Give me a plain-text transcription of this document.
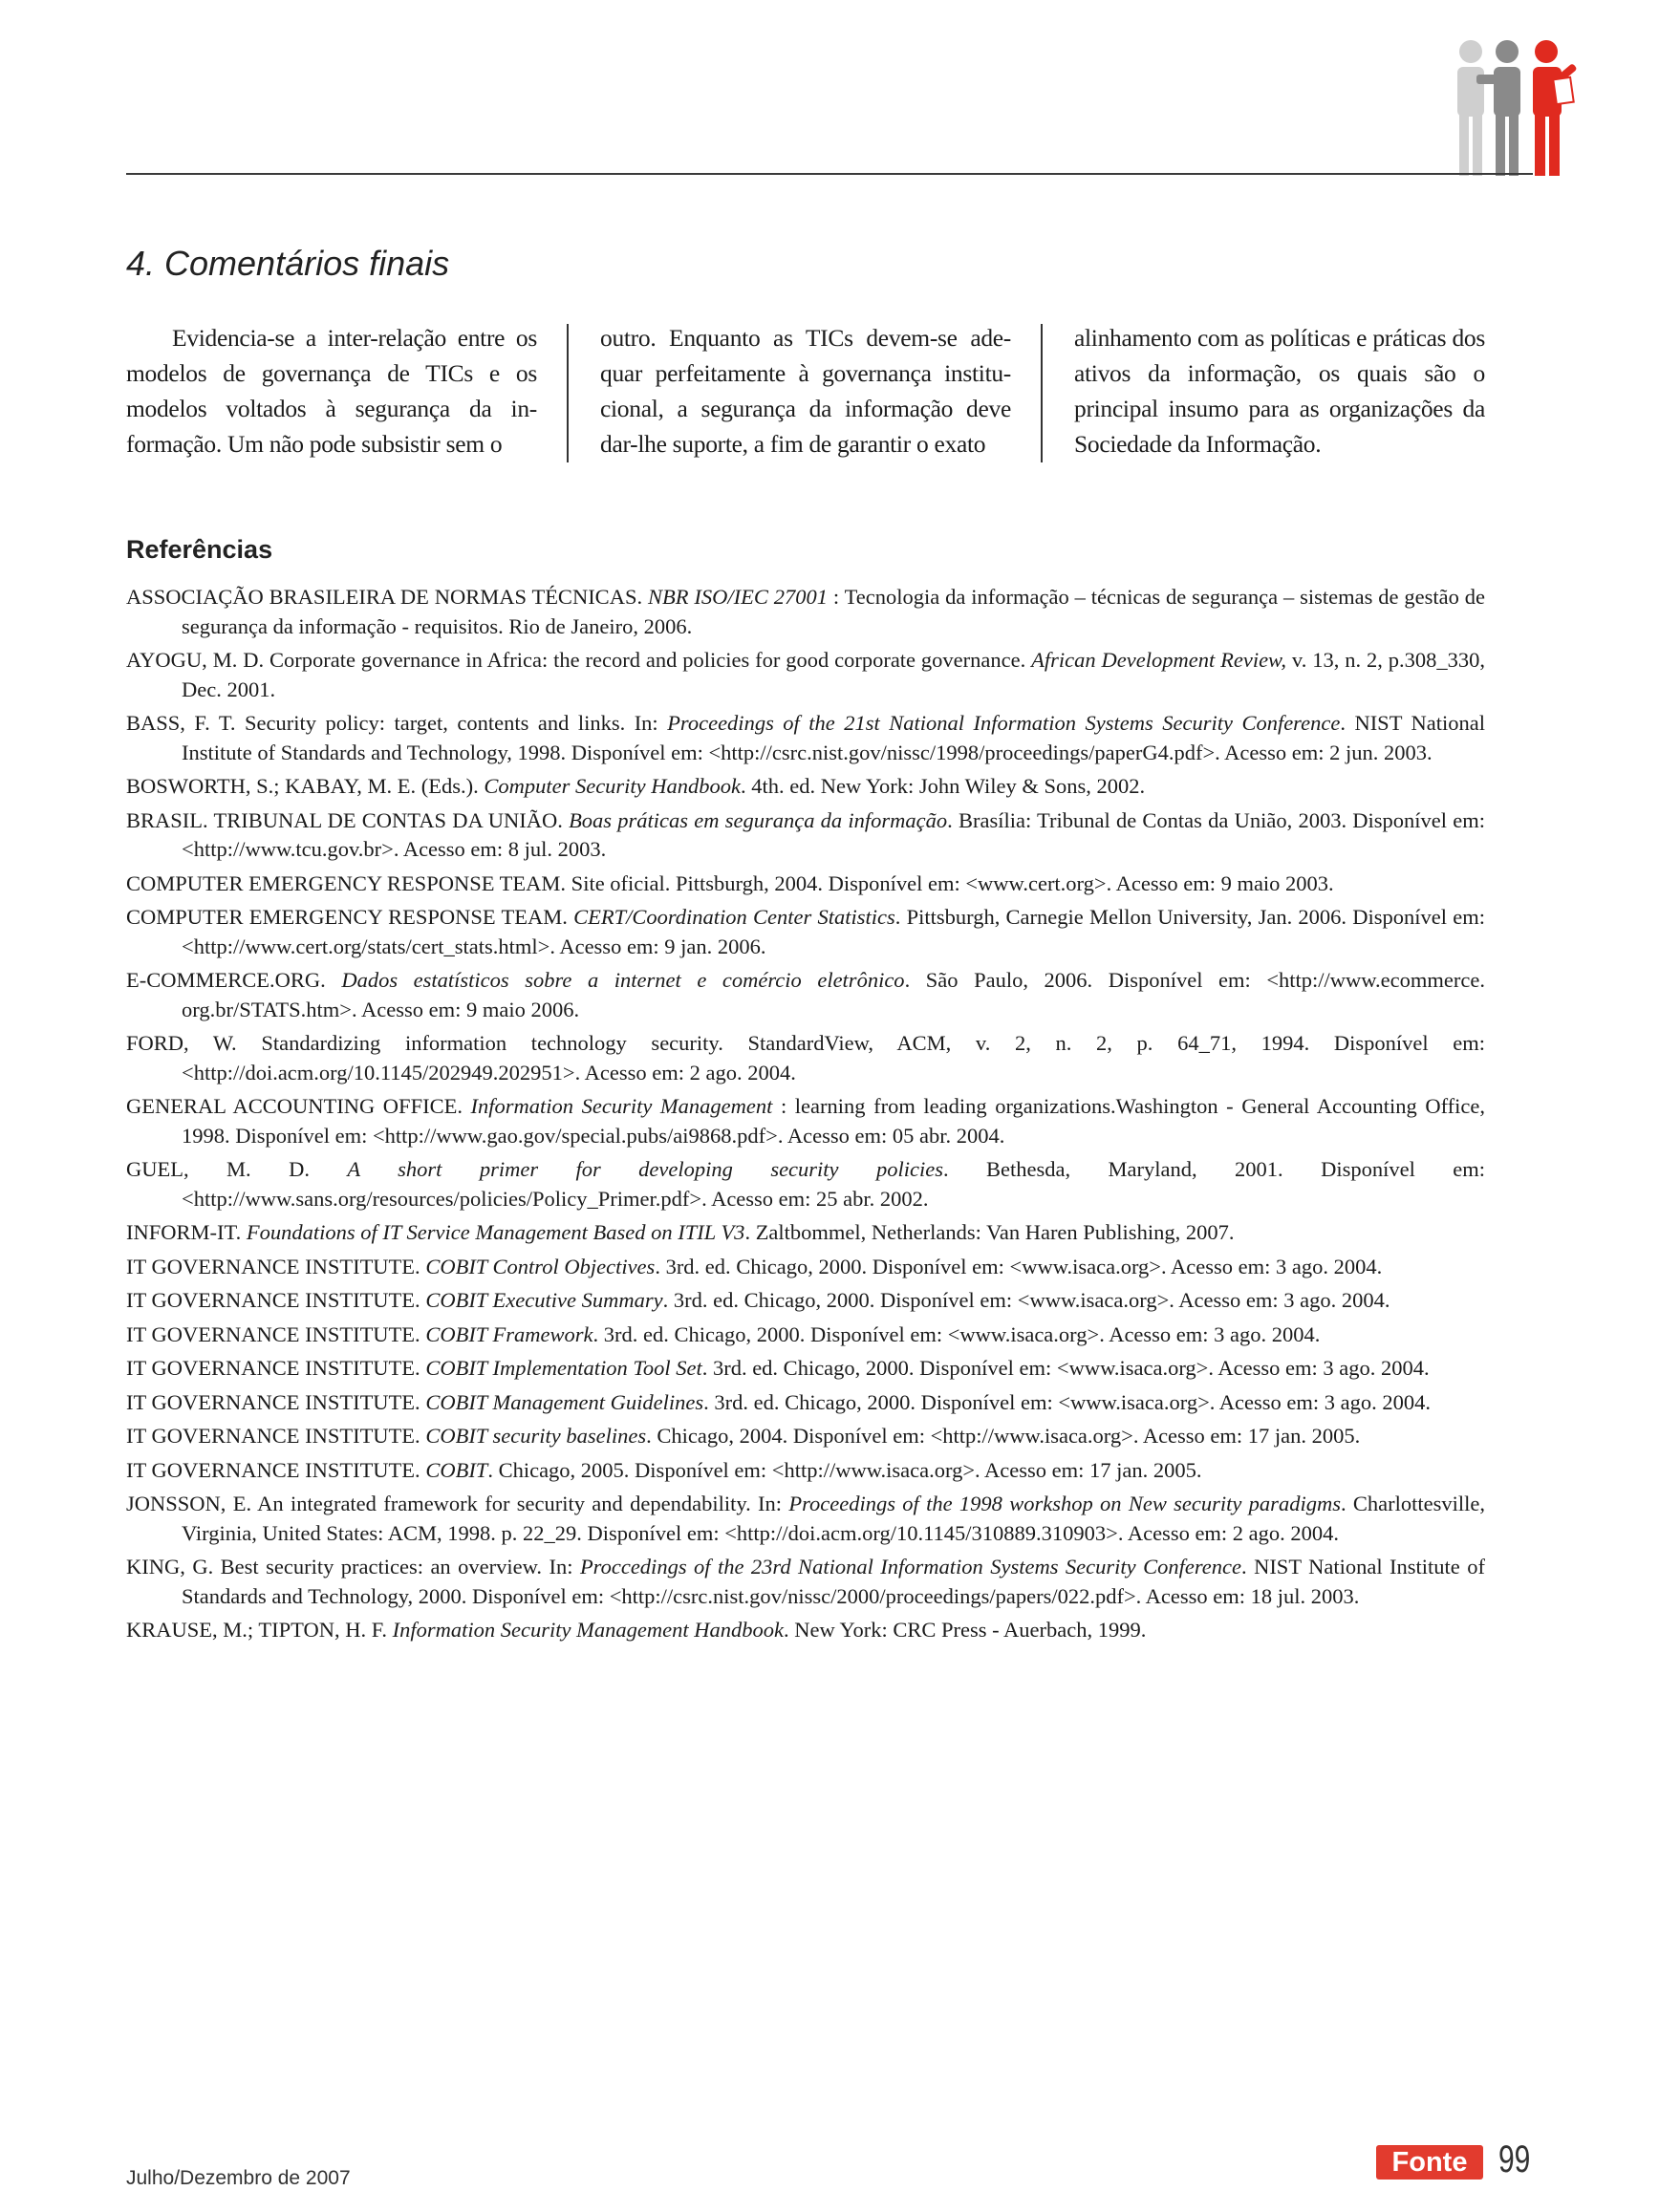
4. Comentários finais

Evidencia-se a inter-relação entre os modelos de governança de TICs e os modelos voltados à segurança da in-formação. Um não pode subsistir sem o

outro. Enquanto as TICs devem-se ade-quar perfeitamente à governança institu-cional, a segurança da informação deve dar-lhe suporte, a fim de garantir o exato

alinhamento com as políticas e práticas dos ativos da informação, os quais são o principal insumo para as organizações da Sociedade da Informação.

Referências
ASSOCIAÇÃO BRASILEIRA DE NORMAS TÉCNICAS. NBR ISO/IEC 27001 : Tecnologia da informação – técnicas de segurança – sistemas de gestão de segurança da informação - requisitos. Rio de Janeiro, 2006.
AYOGU, M. D. Corporate governance in Africa: the record and policies for good corporate governance. African Development Review, v. 13, n. 2, p.308_330, Dec. 2001.
BASS, F. T. Security policy: target, contents and links. In: Proceedings of the 21st National Information Systems Security Conference. NIST National Institute of Standards and Technology, 1998. Disponível em: <http://csrc.nist.gov/nissc/1998/proceedings/paperG4.pdf>. Acesso em: 2 jun. 2003.
BOSWORTH, S.; KABAY, M. E. (Eds.). Computer Security Handbook. 4th. ed. New York: John Wiley & Sons, 2002.
BRASIL. TRIBUNAL DE CONTAS DA UNIÃO. Boas práticas em segurança da informação. Brasília: Tribunal de Contas da União, 2003. Disponível em: <http://www.tcu.gov.br>. Acesso em: 8 jul. 2003.
COMPUTER EMERGENCY RESPONSE TEAM. Site oficial. Pittsburgh, 2004. Disponível em: <www.cert.org>. Acesso em: 9 maio 2003.
COMPUTER EMERGENCY RESPONSE TEAM. CERT/Coordination Center Statistics. Pittsburgh, Carnegie Mellon University, Jan. 2006. Disponível em: <http://www.cert.org/stats/cert_stats.html>. Acesso em: 9 jan. 2006.
E-COMMERCE.ORG. Dados estatísticos sobre a internet e comércio eletrônico. São Paulo, 2006. Disponível em: <http://www.ecommerce. org.br/STATS.htm>. Acesso em: 9 maio 2006.
FORD, W. Standardizing information technology security. StandardView, ACM, v. 2, n. 2, p. 64_71, 1994. Disponível em: <http://doi.acm.org/10.1145/202949.202951>. Acesso em: 2 ago. 2004.
GENERAL ACCOUNTING OFFICE. Information Security Management : learning from leading organizations.Washington - General Accounting Office, 1998. Disponível em: <http://www.gao.gov/special.pubs/ai9868.pdf>. Acesso em: 05 abr. 2004.
GUEL, M. D. A short primer for developing security policies. Bethesda, Maryland, 2001. Disponível em: <http://www.sans.org/resources/policies/Policy_Primer.pdf>. Acesso em: 25 abr. 2002.
INFORM-IT. Foundations of IT Service Management Based on ITIL V3. Zaltbommel, Netherlands: Van Haren Publishing, 2007.
IT GOVERNANCE INSTITUTE. COBIT Control Objectives. 3rd. ed. Chicago, 2000. Disponível em: <www.isaca.org>. Acesso em: 3 ago. 2004.
IT GOVERNANCE INSTITUTE. COBIT Executive Summary. 3rd. ed. Chicago, 2000. Disponível em: <www.isaca.org>. Acesso em: 3 ago. 2004.
IT GOVERNANCE INSTITUTE. COBIT Framework. 3rd. ed. Chicago, 2000. Disponível em: <www.isaca.org>. Acesso em: 3 ago. 2004.
IT GOVERNANCE INSTITUTE. COBIT Implementation Tool Set. 3rd. ed. Chicago, 2000. Disponível em: <www.isaca.org>. Acesso em: 3 ago. 2004.
IT GOVERNANCE INSTITUTE. COBIT Management Guidelines. 3rd. ed. Chicago, 2000. Disponível em: <www.isaca.org>. Acesso em: 3 ago. 2004.
IT GOVERNANCE INSTITUTE. COBIT security baselines. Chicago, 2004. Disponível em: <http://www.isaca.org>. Acesso em: 17 jan. 2005.
IT GOVERNANCE INSTITUTE. COBIT. Chicago, 2005. Disponível em: <http://www.isaca.org>. Acesso em: 17 jan. 2005.
JONSSON, E. An integrated framework for security and dependability. In: Proceedings of the 1998 workshop on New security paradigms. Charlottesville, Virginia, United States: ACM, 1998. p. 22_29. Disponível em: <http://doi.acm.org/10.1145/310889.310903>. Acesso em: 2 ago. 2004.
KING, G. Best security practices: an overview. In: Proccedings of the 23rd National Information Systems Security Conference. NIST National Institute of Standards and Technology, 2000. Disponível em: <http://csrc.nist.gov/nissc/2000/proceedings/papers/022.pdf>. Acesso em: 18 jul. 2003.
KRAUSE, M.; TIPTON, H. F. Information Security Management Handbook. New York: CRC Press - Auerbach, 1999.
Julho/Dezembro de 2007
Fonte 99
